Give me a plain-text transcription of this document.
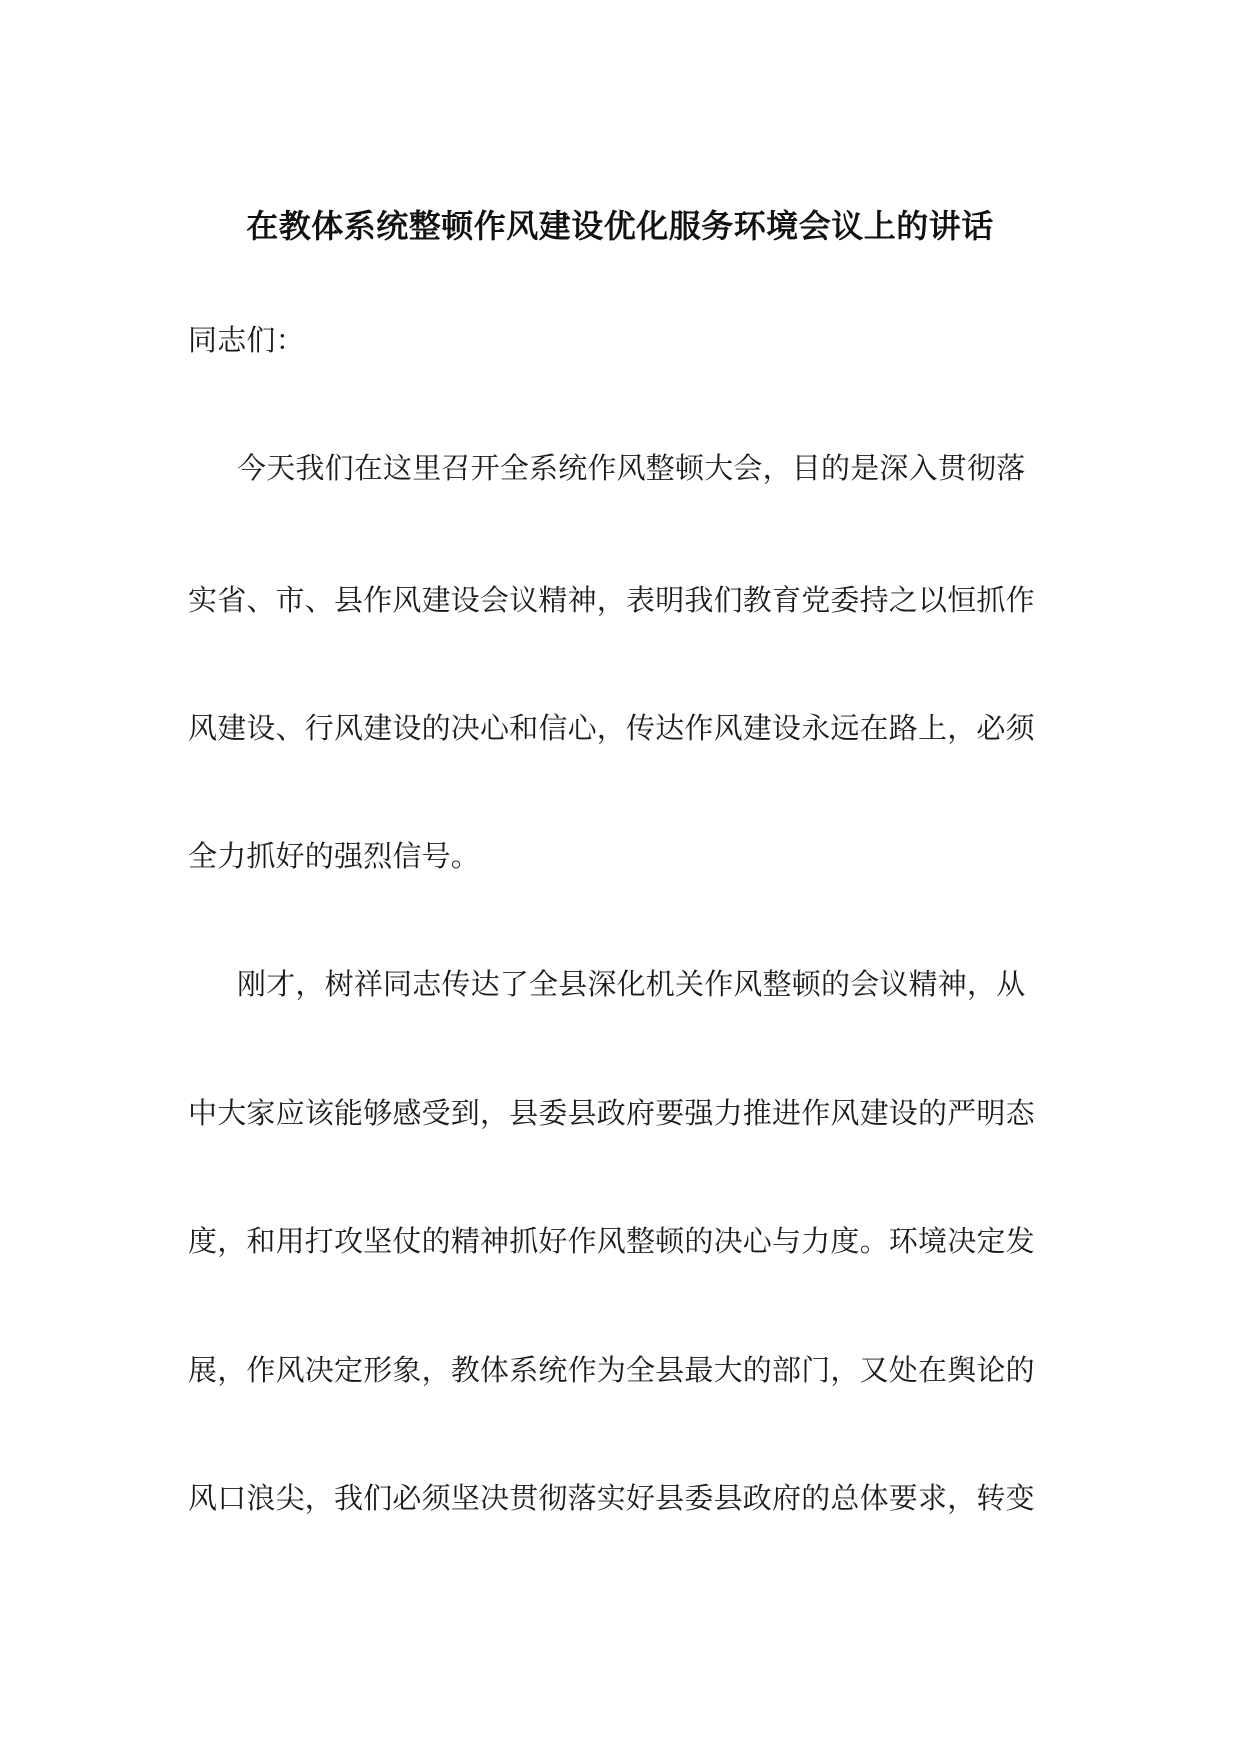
在教体系统整顿作风建设优化服务环境会议上的讲话
同志们：
今天我们在这里召开全系统作风整顿大会，目的是深入贯彻落
实省、市、县作风建设会议精神，表明我们教育党委持之以恒抓作
风建设、行风建设的决心和信心，传达作风建设永远在路上，必须
全力抓好的强烈信号。
刚才，树祥同志传达了全县深化机关作风整顿的会议精神，从
中大家应该能够感受到，县委县政府要强力推进作风建设的严明态
度，和用打攻坚仗的精神抓好作风整顿的决心与力度。环境决定发
展，作风决定形象，教体系统作为全县最大的部门，又处在舆论的
风口浪尖，我们必须坚决贯彻落实好县委县政府的总体要求，转变
